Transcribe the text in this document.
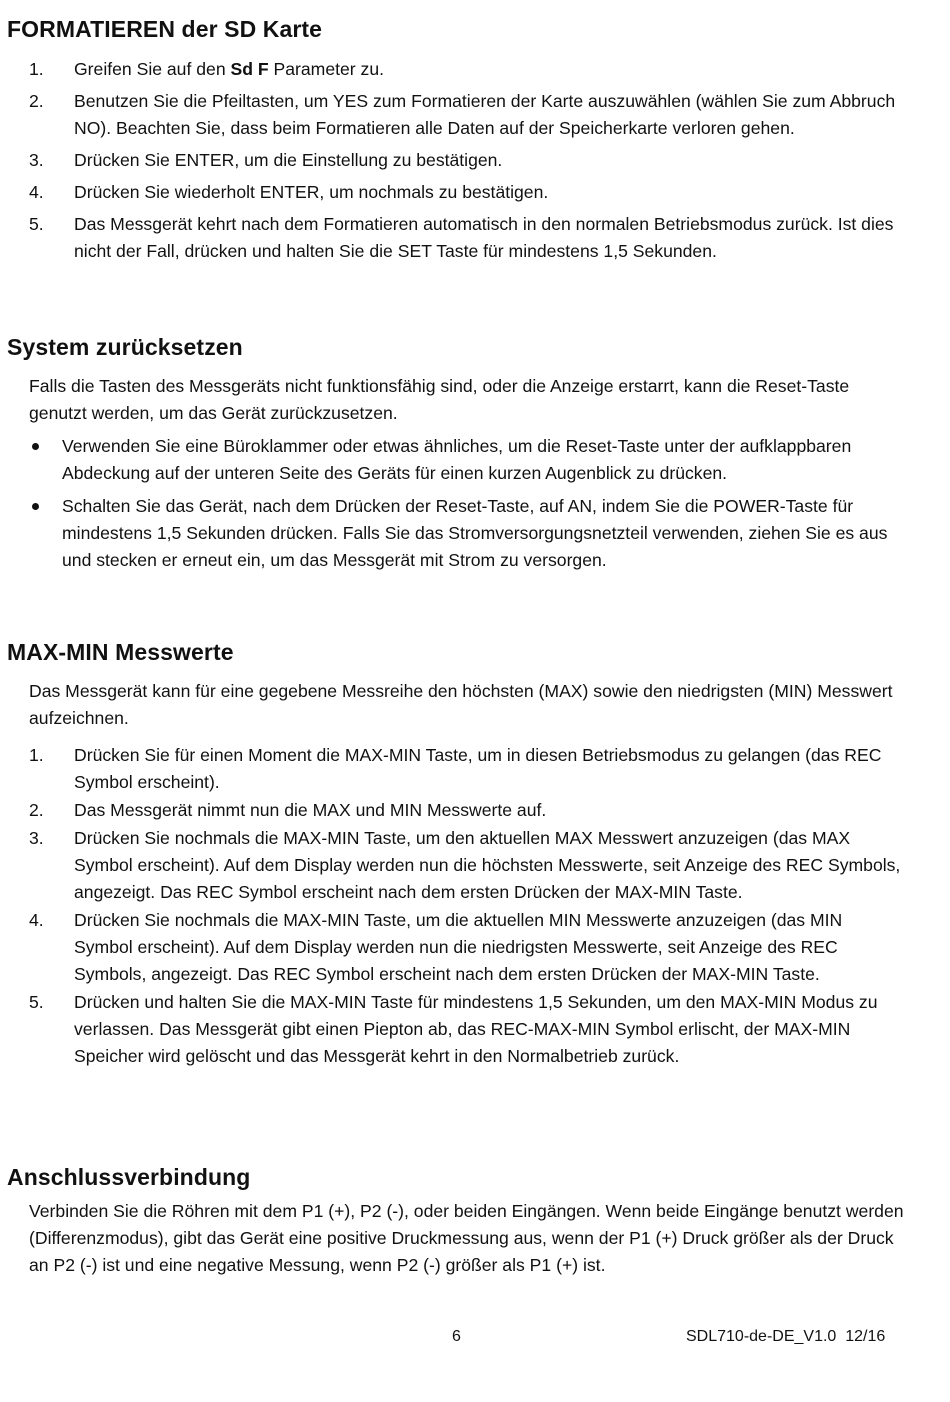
FORMATIEREN der SD Karte
1. Greifen Sie auf den Sd F Parameter zu.
2. Benutzen Sie die Pfeiltasten, um YES zum Formatieren der Karte auszuwählen (wählen Sie zum Abbruch NO). Beachten Sie, dass beim Formatieren alle Daten auf der Speicherkarte verloren gehen.
3. Drücken Sie ENTER, um die Einstellung zu bestätigen.
4. Drücken Sie wiederholt ENTER, um nochmals zu bestätigen.
5. Das Messgerät kehrt nach dem Formatieren automatisch in den normalen Betriebsmodus zurück. Ist dies nicht der Fall, drücken und halten Sie die SET Taste für mindestens 1,5 Sekunden.
System zurücksetzen

Falls die Tasten des Messgeräts nicht funktionsfähig sind, oder die Anzeige erstarrt, kann die Reset-Taste genutzt werden, um das Gerät zurückzusetzen.

Verwenden Sie eine Büroklammer oder etwas ähnliches, um die Reset-Taste unter der aufklappbaren Abdeckung auf der unteren Seite des Geräts für einen kurzen Augenblick zu drücken.
Schalten Sie das Gerät, nach dem Drücken der Reset-Taste, auf AN, indem Sie die POWER-Taste für mindestens 1,5 Sekunden drücken. Falls Sie das Stromversorgungsnetzteil verwenden, ziehen Sie es aus und stecken er erneut ein, um das Messgerät mit Strom zu versorgen.
MAX-MIN Messwerte

Das Messgerät kann für eine gegebene Messreihe den höchsten (MAX) sowie den niedrigsten (MIN) Messwert aufzeichnen.

1. Drücken Sie für einen Moment die MAX-MIN Taste, um in diesen Betriebsmodus zu gelangen (das REC Symbol erscheint).
2. Das Messgerät nimmt nun die MAX und MIN Messwerte auf.
3. Drücken Sie nochmals die MAX-MIN Taste, um den aktuellen MAX Messwert anzuzeigen (das MAX Symbol erscheint). Auf dem Display werden nun die höchsten Messwerte, seit Anzeige des REC Symbols, angezeigt. Das REC Symbol erscheint nach dem ersten Drücken der MAX-MIN Taste.
4. Drücken Sie nochmals die MAX-MIN Taste, um die aktuellen MIN Messwerte anzuzeigen (das MIN Symbol erscheint). Auf dem Display werden nun die niedrigsten Messwerte, seit Anzeige des REC Symbols, angezeigt. Das REC Symbol erscheint nach dem ersten Drücken der MAX-MIN Taste.
5. Drücken und halten Sie die MAX-MIN Taste für mindestens 1,5 Sekunden, um den MAX-MIN Modus zu verlassen. Das Messgerät gibt einen Piepton ab, das REC-MAX-MIN Symbol erlischt, der MAX-MIN Speicher wird gelöscht und das Messgerät kehrt in den Normalbetrieb zurück.
Anschlussverbindung

Verbinden Sie die Röhren mit dem P1 (+), P2 (-), oder beiden Eingängen. Wenn beide Eingänge benutzt werden (Differenzmodus), gibt das Gerät eine positive Druckmessung aus, wenn der P1 (+) Druck größer als der Druck an P2 (-) ist und eine negative Messung, wenn P2 (-) größer als P1 (+) ist.

6	SDL710-de-DE_V1.0 12/16
